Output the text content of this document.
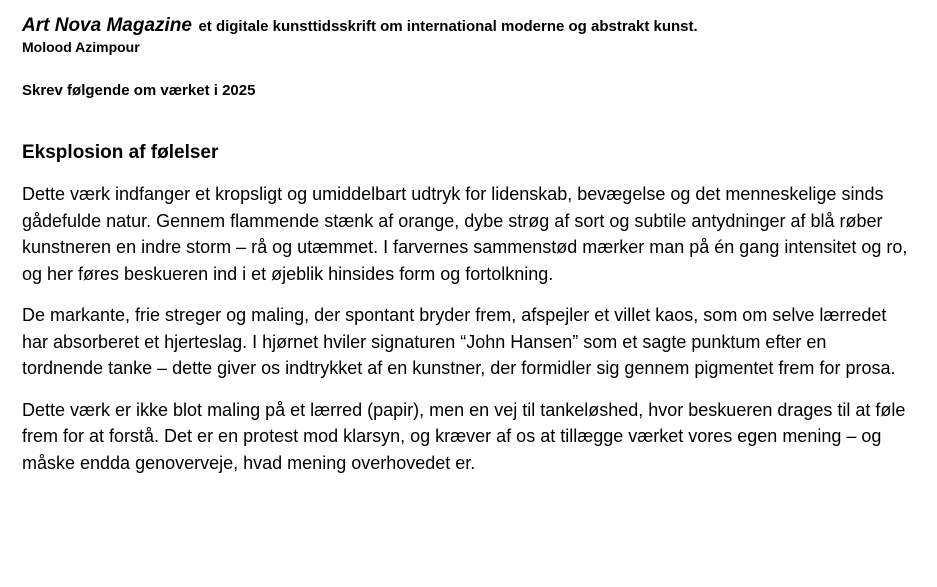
Art Nova Magazine et digitale kunsttidsskrift om international moderne og abstrakt kunst.
Molood Azimpour
Skrev følgende om værket i 2025
Eksplosion af følelser

Dette værk indfanger et kropsligt og umiddelbart udtryk for lidenskab, bevægelse og det menneskelige sinds gådefulde natur. Gennem flammende stænk af orange, dybe strøg af sort og subtile antydninger af blå røber kunstneren en indre storm – rå og utæmmet. I farvernes sammenstød mærker man på én gang intensitet og ro, og her føres beskueren ind i et øjeblik hinsides form og fortolkning.

De markante, frie streger og maling, der spontant bryder frem, afspejler et villet kaos, som om selve lærredet har absorberet et hjerteslag. I hjørnet hviler signaturen “John Hansen” som et sagte punktum efter en tordnende tanke – dette giver os indtrykket af en kunstner, der formidler sig gennem pigmentet frem for prosa.

Dette værk er ikke blot maling på et lærred (papir), men en vej til tankeløshed, hvor beskueren drages til at føle frem for at forstå. Det er en protest mod klarsyn, og kræver af os at tillægge værket vores egen mening – og måske endda genoverveje, hvad mening overhovedet er.
